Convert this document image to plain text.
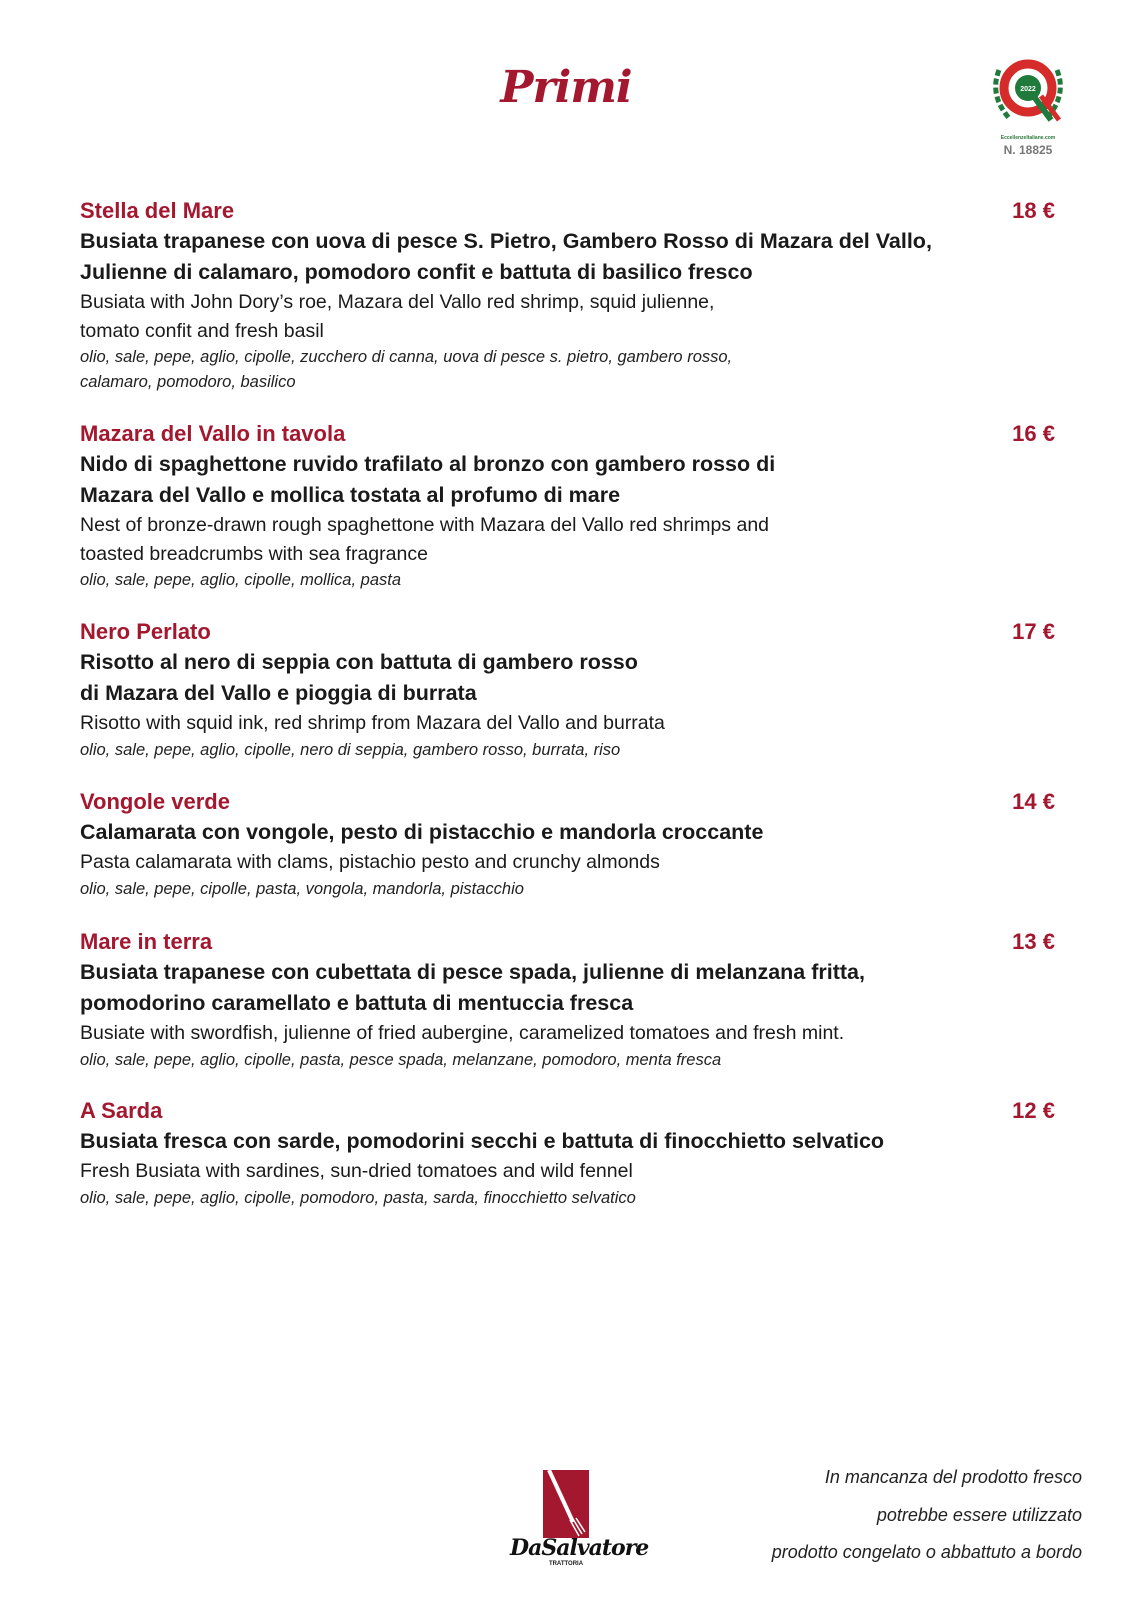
Primi	2022
EccellenzeItaliane.com
N. 18825
Stella del Mare	18 €
Busiata trapanese con uova di pesce S. Pietro, Gambero Rosso di Mazara del Vallo,
Julienne di calamaro, pomodoro confit e battuta di basilico fresco
Busiata with John Dory’s roe, Mazara del Vallo red shrimp, squid julienne,
tomato confit and fresh basil
olio, sale, pepe, aglio, cipolle, zucchero di canna, uova di pesce s. pietro, gambero rosso,
calamaro, pomodoro, basilico
Mazara del Vallo in tavola	16 €
Nido di spaghettone ruvido trafilato al bronzo con gambero rosso di
Mazara del Vallo e mollica tostata al profumo di mare
Nest of bronze-drawn rough spaghettone with Mazara del Vallo red shrimps and
toasted breadcrumbs with sea fragrance
olio, sale, pepe, aglio, cipolle, mollica, pasta
Nero Perlato	17 €
Risotto al nero di seppia con battuta di gambero rosso
di Mazara del Vallo e pioggia di burrata
Risotto with squid ink, red shrimp from Mazara del Vallo and burrata
olio, sale, pepe, aglio, cipolle, nero di seppia, gambero rosso, burrata, riso
Vongole verde	14 €
Calamarata con vongole, pesto di pistacchio e mandorla croccante
Pasta calamarata with clams, pistachio pesto and crunchy almonds
olio, sale, pepe, cipolle, pasta, vongola, mandorla, pistacchio
Mare in terra	13 €
Busiata trapanese con cubettata di pesce spada, julienne di melanzana fritta,
pomodorino caramellato e battuta di mentuccia fresca
Busiate with swordfish, julienne of fried aubergine, caramelized tomatoes and fresh mint.
olio, sale, pepe, aglio, cipolle, pasta, pesce spada, melanzane, pomodoro, menta fresca
A Sarda	12 €
Busiata fresca con sarde, pomodorini secchi e battuta di finocchietto selvatico
Fresh Busiata with sardines, sun-dried tomatoes and wild fennel
olio, sale, pepe, aglio, cipolle, pomodoro, pasta, sarda, finocchietto selvatico
In mancanza del prodotto fresco
potrebbe essere utilizzato
prodotto congelato o abbattuto a bordo
DaSalvatore
TRATTORIA
